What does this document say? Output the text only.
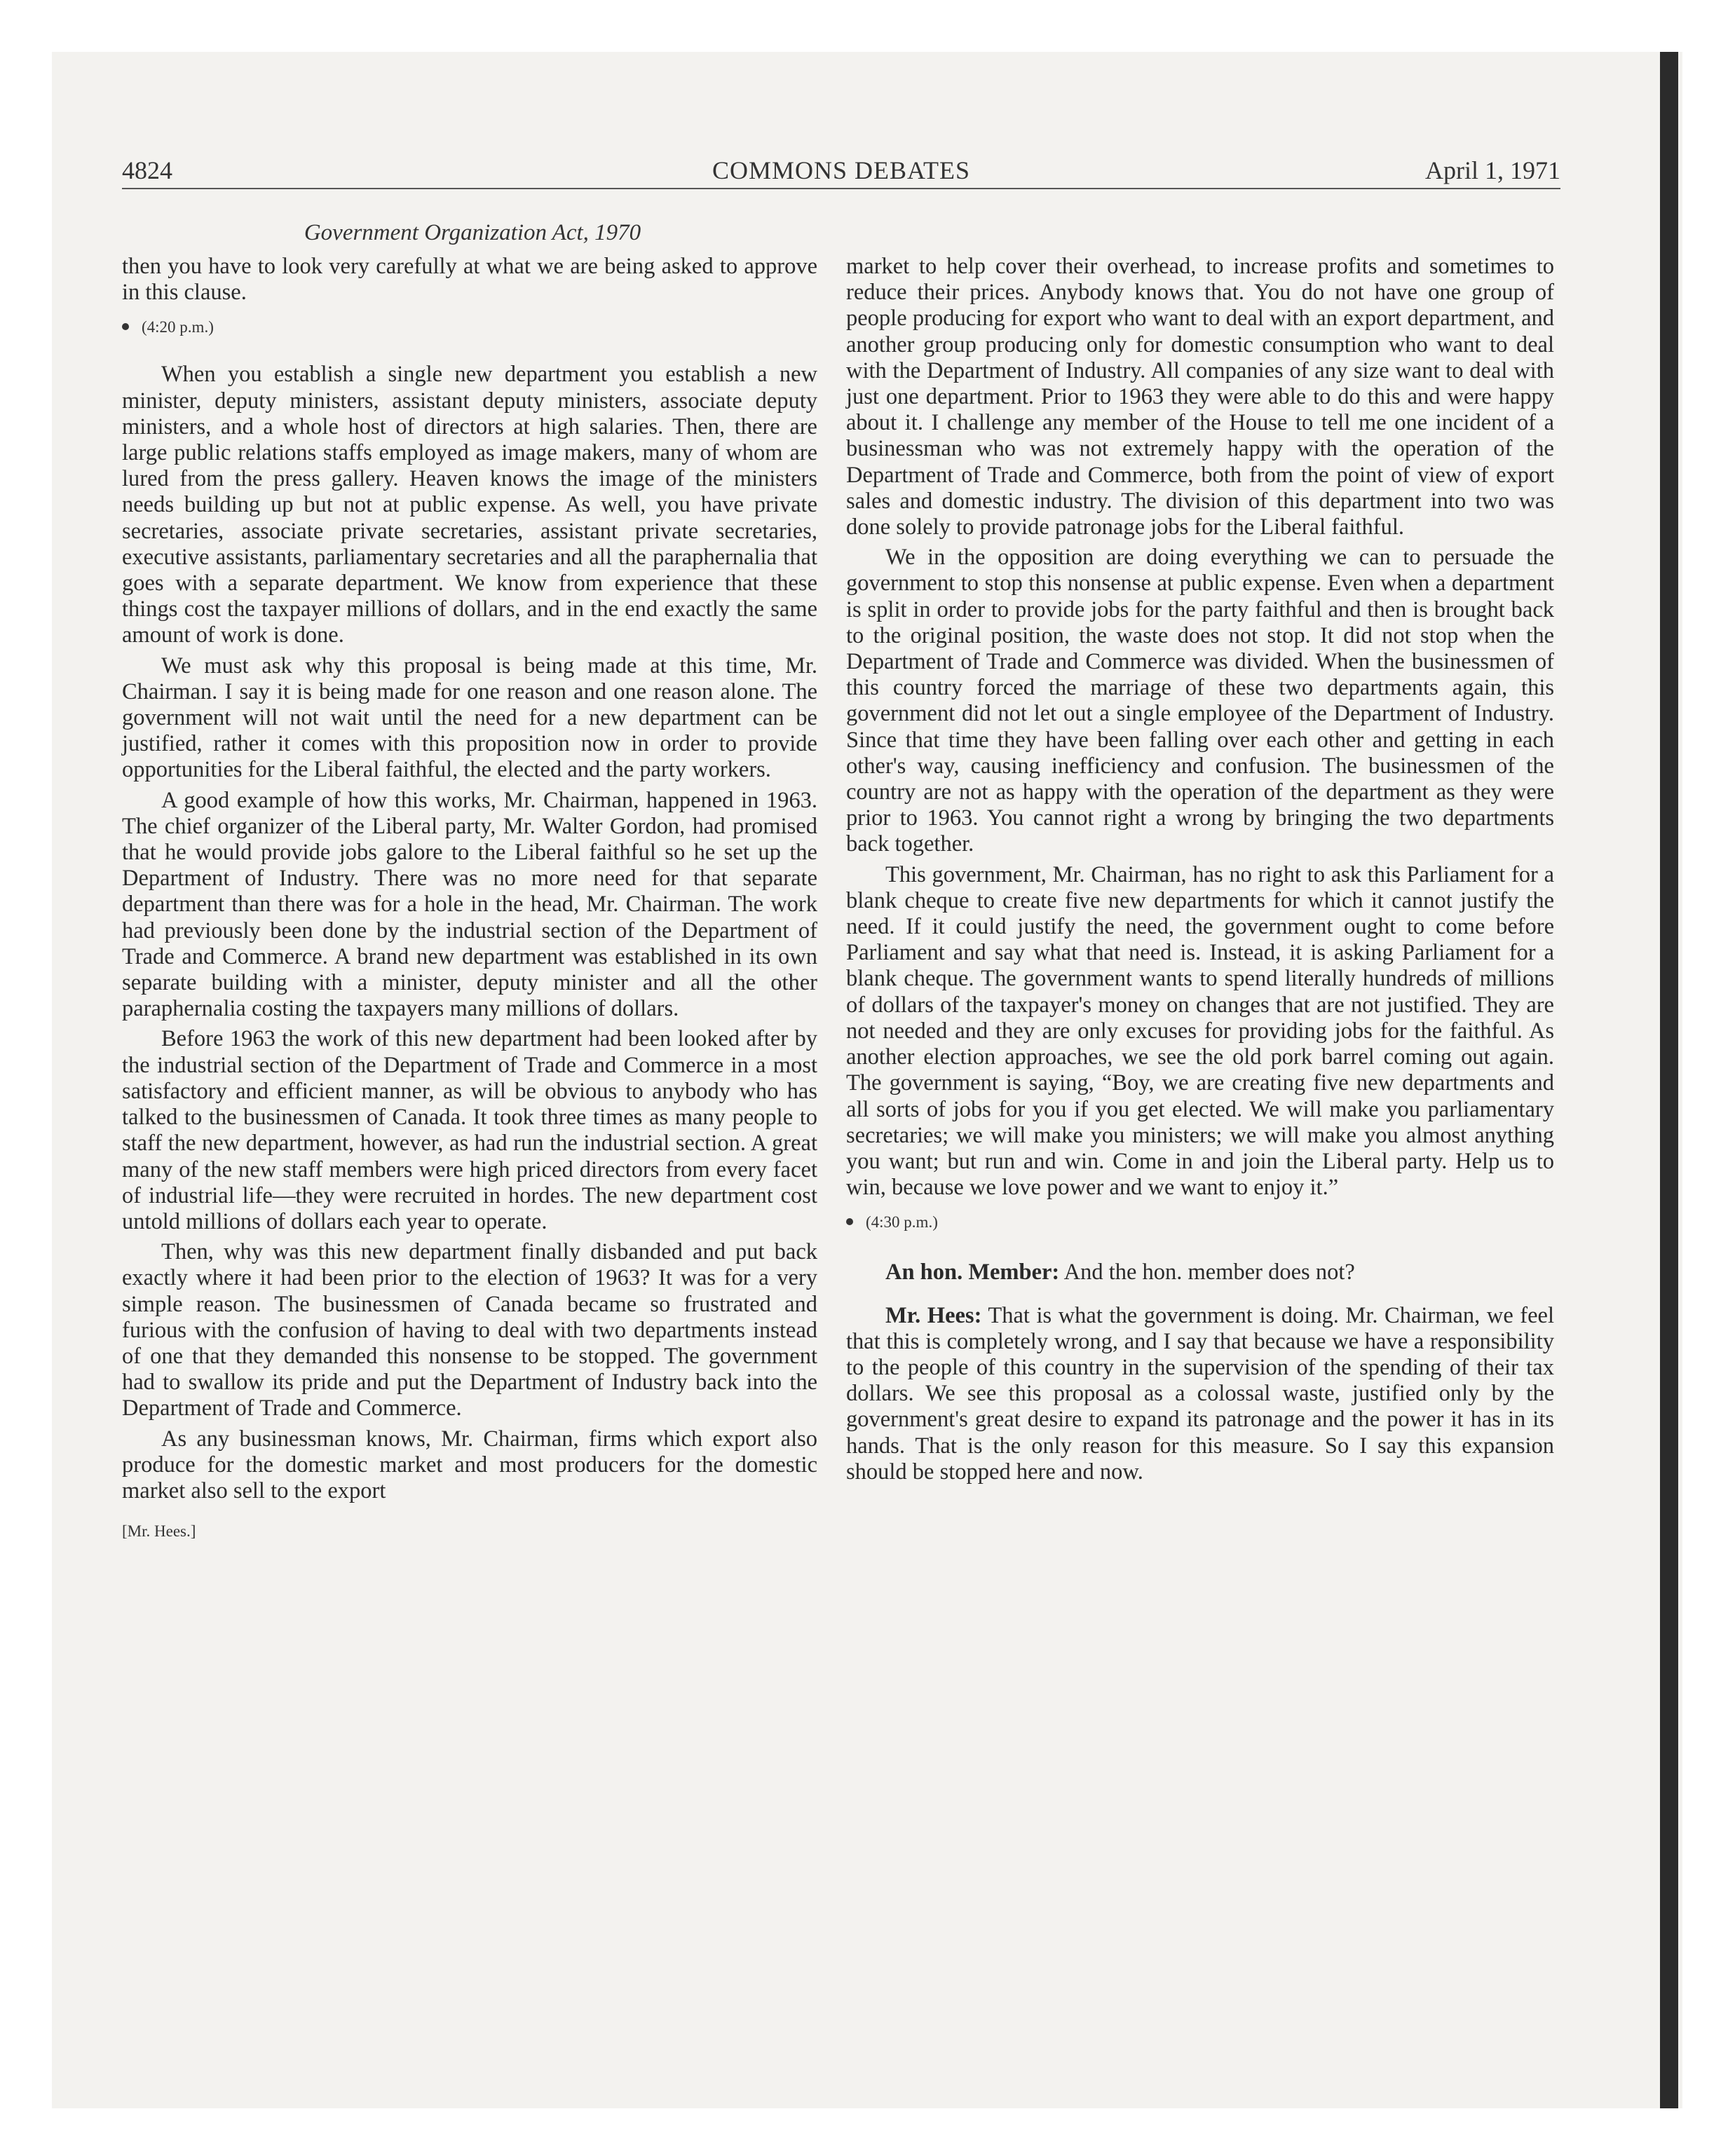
4824	COMMONS DEBATES	April 1, 1971
Government Organization Act, 1970

then you have to look very carefully at what we are being asked to approve in this clause.

(4:20 p.m.)

When you establish a single new department you establish a new minister, deputy ministers, assistant deputy ministers, associate deputy ministers, and a whole host of directors at high salaries. Then, there are large public relations staffs employed as image makers, many of whom are lured from the press gallery. Heaven knows the image of the ministers needs building up but not at public expense. As well, you have private secretaries, associate private secretaries, assistant private secretaries, executive assistants, parliamentary secretaries and all the paraphernalia that goes with a separate department. We know from experience that these things cost the taxpayer millions of dollars, and in the end exactly the same amount of work is done.

We must ask why this proposal is being made at this time, Mr. Chairman. I say it is being made for one reason and one reason alone. The government will not wait until the need for a new department can be justified, rather it comes with this proposition now in order to provide opportunities for the Liberal faithful, the elected and the party workers.

A good example of how this works, Mr. Chairman, happened in 1963. The chief organizer of the Liberal party, Mr. Walter Gordon, had promised that he would provide jobs galore to the Liberal faithful so he set up the Department of Industry. There was no more need for that separate department than there was for a hole in the head, Mr. Chairman. The work had previously been done by the industrial section of the Department of Trade and Commerce. A brand new department was established in its own separate building with a minister, deputy minister and all the other paraphernalia costing the taxpayers many millions of dollars.

Before 1963 the work of this new department had been looked after by the industrial section of the Department of Trade and Commerce in a most satisfactory and efficient manner, as will be obvious to anybody who has talked to the businessmen of Canada. It took three times as many people to staff the new department, however, as had run the industrial section. A great many of the new staff members were high priced directors from every facet of industrial life—they were recruited in hordes. The new department cost untold millions of dollars each year to operate.

Then, why was this new department finally disbanded and put back exactly where it had been prior to the election of 1963? It was for a very simple reason. The businessmen of Canada became so frustrated and furious with the confusion of having to deal with two departments instead of one that they demanded this nonsense to be stopped. The government had to swallow its pride and put the Department of Industry back into the Department of Trade and Commerce.

As any businessman knows, Mr. Chairman, firms which export also produce for the domestic market and most producers for the domestic market also sell to the export

[Mr. Hees.]

market to help cover their overhead, to increase profits and sometimes to reduce their prices. Anybody knows that. You do not have one group of people producing for export who want to deal with an export department, and another group producing only for domestic consumption who want to deal with the Department of Industry. All companies of any size want to deal with just one department. Prior to 1963 they were able to do this and were happy about it. I challenge any member of the House to tell me one incident of a businessman who was not extremely happy with the operation of the Department of Trade and Commerce, both from the point of view of export sales and domestic industry. The division of this department into two was done solely to provide patronage jobs for the Liberal faithful.

We in the opposition are doing everything we can to persuade the government to stop this nonsense at public expense. Even when a department is split in order to provide jobs for the party faithful and then is brought back to the original position, the waste does not stop. It did not stop when the Department of Trade and Commerce was divided. When the businessmen of this country forced the marriage of these two departments again, this government did not let out a single employee of the Department of Industry. Since that time they have been falling over each other and getting in each other's way, causing inefficiency and confusion. The businessmen of the country are not as happy with the operation of the department as they were prior to 1963. You cannot right a wrong by bringing the two departments back together.

This government, Mr. Chairman, has no right to ask this Parliament for a blank cheque to create five new departments for which it cannot justify the need. If it could justify the need, the government ought to come before Parliament and say what that need is. Instead, it is asking Parliament for a blank cheque. The government wants to spend literally hundreds of millions of dollars of the taxpayer's money on changes that are not justified. They are not needed and they are only excuses for providing jobs for the faithful. As another election approaches, we see the old pork barrel coming out again. The government is saying, “Boy, we are creating five new departments and all sorts of jobs for you if you get elected. We will make you parliamentary secretaries; we will make you ministers; we will make you almost anything you want; but run and win. Come in and join the Liberal party. Help us to win, because we love power and we want to enjoy it.”

(4:30 p.m.)

An hon. Member: And the hon. member does not?

Mr. Hees: That is what the government is doing. Mr. Chairman, we feel that this is completely wrong, and I say that because we have a responsibility to the people of this country in the supervision of the spending of their tax dollars. We see this proposal as a colossal waste, justified only by the government's great desire to expand its patronage and the power it has in its hands. That is the only reason for this measure. So I say this expansion should be stopped here and now.
